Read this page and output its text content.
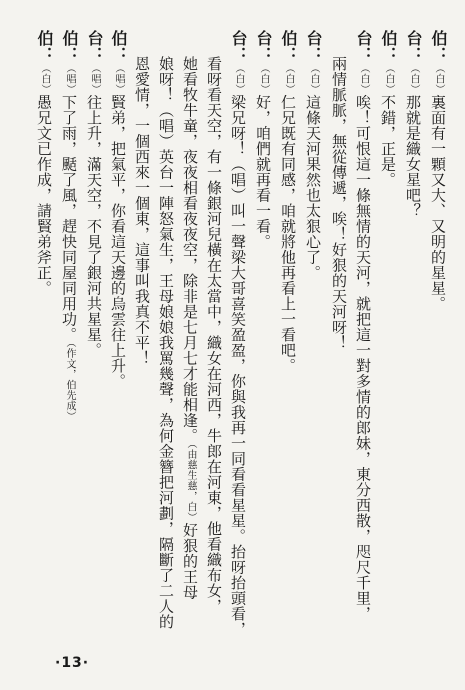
伯：（白）裏面有一顆又大、又明的星星。
台：（白）那就是織女星吧？
伯：（白）不錯，正是。
台：（白）唉！可恨這一條無情的天河，就把這一對多情的郎妹，東分西散，咫尺千里，
兩情脈脈，無從傳遞，唉！好狠的天河呀！
台：（白）這條天河果然也太狠心了。
伯：（白）仁兄既有同感，咱就將他再看上一看吧。
台：（白）好，咱們就再看一看。
台：（白）梁兄呀！（唱）叫一聲梁大哥喜笑盈盈，你與我再一同看看星星。抬呀抬頭看，
看呀看天空，有一條銀河兒橫在太當中，織女在河西，牛郎在河東，他看織布女，
她看牧牛童，夜夜相看夜夜空，除非是七月七才能相逢。（由慈生慈，白）好狠的王母
娘呀！（唱）英台一陣怒氣生，王母娘娘我罵幾聲，為何金簪把河劃，隔斷了二人的
恩愛情，一個西來一個東，這事叫我真不平！
伯：（唱）賢弟，把氣平，你看這天邊的烏雲往上升。
台：（唱）往上升，滿天空，不見了銀河共星星。
伯：（唱）下了雨，颳了風，趕快同屋同用功。（作文，伯先成）
伯：（白）愚兄文已作成，請賢弟斧正。
·13·
